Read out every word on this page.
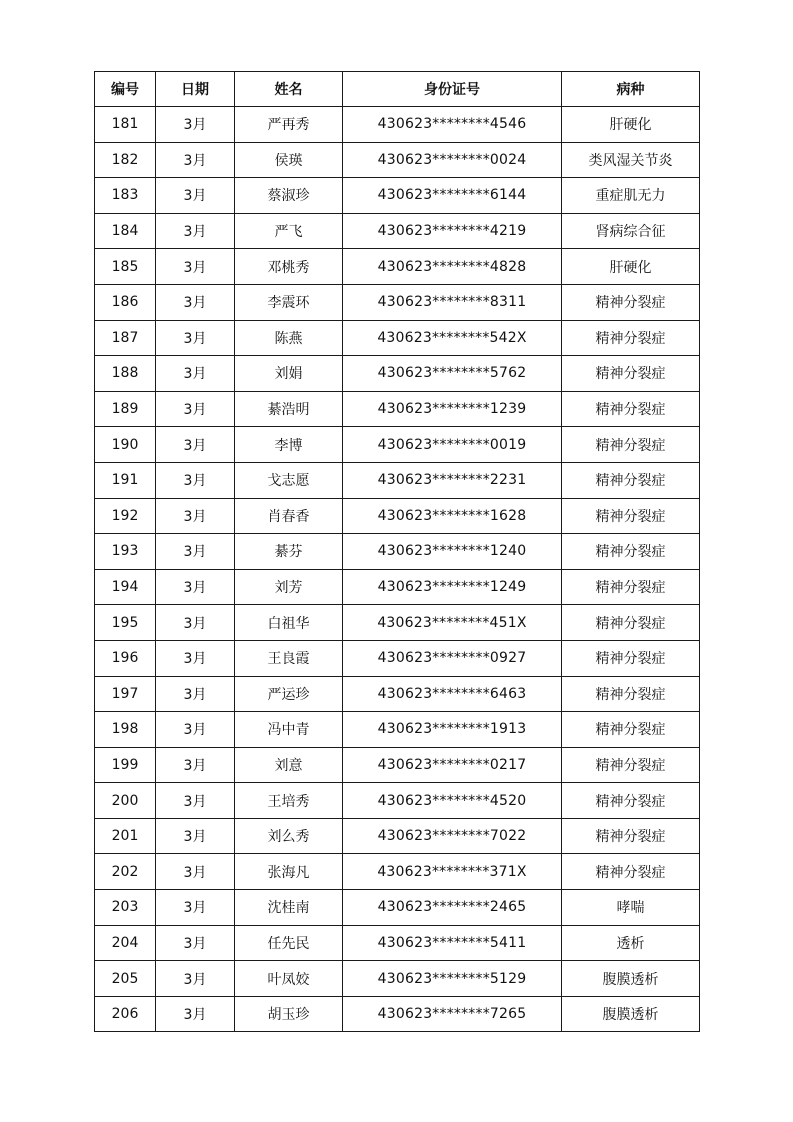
编号	日期	姓名	身份证号	病种
181	3月	严再秀	430623********4546	肝硬化
182	3月	侯瑛	430623********0024	类风湿关节炎
183	3月	蔡淑珍	430623********6144	重症肌无力
184	3月	严飞	430623********4219	肾病综合征
185	3月	邓桃秀	430623********4828	肝硬化
186	3月	李震环	430623********8311	精神分裂症
187	3月	陈燕	430623********542X	精神分裂症
188	3月	刘娟	430623********5762	精神分裂症
189	3月	綦浩明	430623********1239	精神分裂症
190	3月	李博	430623********0019	精神分裂症
191	3月	戈志愿	430623********2231	精神分裂症
192	3月	肖春香	430623********1628	精神分裂症
193	3月	綦芬	430623********1240	精神分裂症
194	3月	刘芳	430623********1249	精神分裂症
195	3月	白祖华	430623********451X	精神分裂症
196	3月	王良霞	430623********0927	精神分裂症
197	3月	严运珍	430623********6463	精神分裂症
198	3月	冯中青	430623********1913	精神分裂症
199	3月	刘意	430623********0217	精神分裂症
200	3月	王培秀	430623********4520	精神分裂症
201	3月	刘么秀	430623********7022	精神分裂症
202	3月	张海凡	430623********371X	精神分裂症
203	3月	沈桂南	430623********2465	哮喘
204	3月	任先民	430623********5411	透析
205	3月	叶凤姣	430623********5129	腹膜透析
206	3月	胡玉珍	430623********7265	腹膜透析
